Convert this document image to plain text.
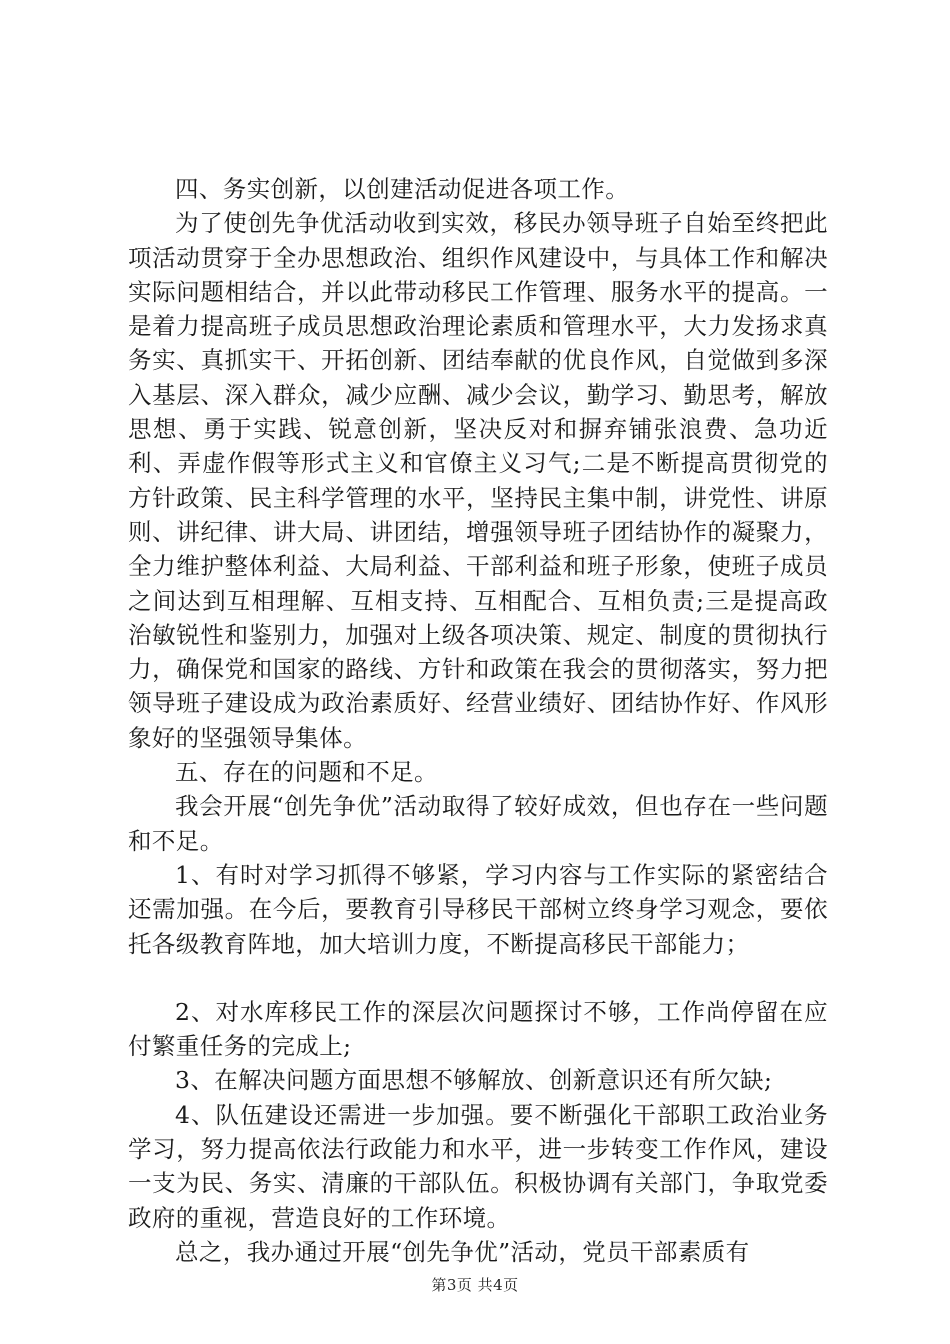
四、务实创新，以创建活动促进各项工作。

为了使创先争优活动收到实效，移民办领导班子自始至终把此项活动贯穿于全办思想政治、组织作风建设中，与具体工作和解决实际问题相结合，并以此带动移民工作管理、服务水平的提高。一是着力提高班子成员思想政治理论素质和管理水平，大力发扬求真务实、真抓实干、开拓创新、团结奉献的优良作风，自觉做到多深入基层、深入群众，减少应酬、减少会议，勤学习、勤思考，解放思想、勇于实践、锐意创新，坚决反对和摒弃铺张浪费、急功近利、弄虚作假等形式主义和官僚主义习气;二是不断提高贯彻党的方针政策、民主科学管理的水平，坚持民主集中制，讲党性、讲原则、讲纪律、讲大局、讲团结，增强领导班子团结协作的凝聚力，全力维护整体利益、大局利益、干部利益和班子形象，使班子成员之间达到互相理解、互相支持、互相配合、互相负责;三是提高政治敏锐性和鉴别力，加强对上级各项决策、规定、制度的贯彻执行力，确保党和国家的路线、方针和政策在我会的贯彻落实，努力把领导班子建设成为政治素质好、经营业绩好、团结协作好、作风形象好的坚强领导集体。

五、存在的问题和不足。

我会开展“创先争优”活动取得了较好成效，但也存在一些问题和不足。

1、有时对学习抓得不够紧，学习内容与工作实际的紧密结合还需加强。在今后，要教育引导移民干部树立终身学习观念，要依托各级教育阵地，加大培训力度，不断提高移民干部能力；

2、对水库移民工作的深层次问题探讨不够，工作尚停留在应付繁重任务的完成上;

3、在解决问题方面思想不够解放、创新意识还有所欠缺;

4、队伍建设还需进一步加强。要不断强化干部职工政治业务学习，努力提高依法行政能力和水平，进一步转变工作作风，建设一支为民、务实、清廉的干部队伍。积极协调有关部门，争取党委政府的重视，营造良好的工作环境。

总之，我办通过开展“创先争优”活动，党员干部素质有

第3页 共4页
